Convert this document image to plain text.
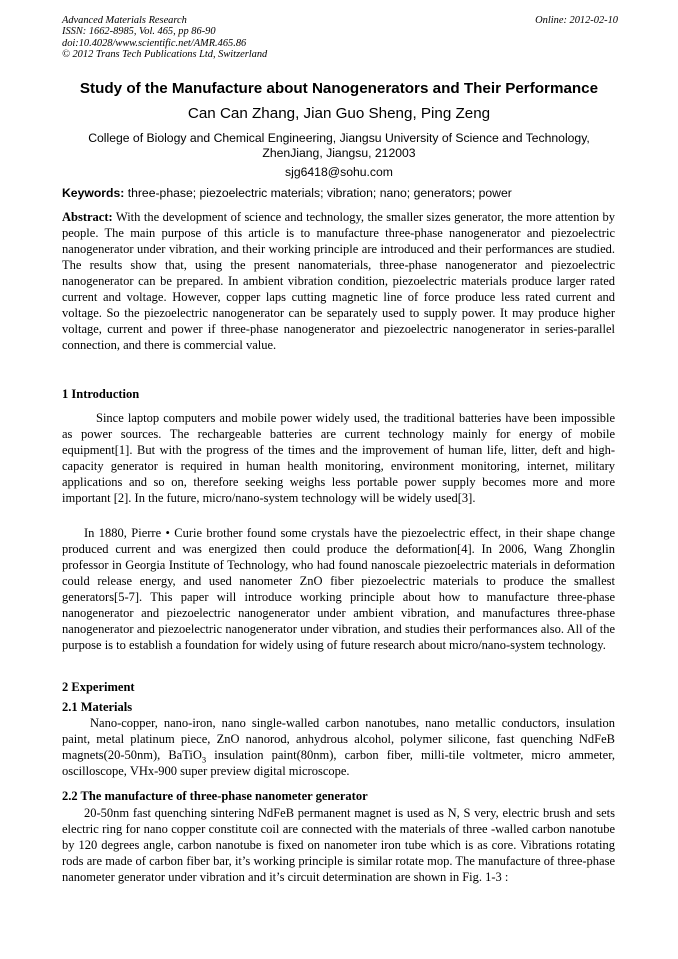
Advanced Materials Research
ISSN: 1662-8985, Vol. 465, pp 86-90
doi:10.4028/www.scientific.net/AMR.465.86
© 2012 Trans Tech Publications Ltd, Switzerland
Online: 2012-02-10
Study of the Manufacture about Nanogenerators and Their Performance
Can Can Zhang, Jian Guo Sheng, Ping Zeng
College of Biology and Chemical Engineering, Jiangsu University of Science and Technology,
ZhenJiang, Jiangsu, 212003
sjg6418@sohu.com
Keywords: three-phase; piezoelectric materials; vibration; nano; generators; power
Abstract: With the development of science and technology, the smaller sizes generator, the more attention by people. The main purpose of this article is to manufacture three-phase nanogenerator and piezoelectric nanogenerator under vibration, and their working principle are introduced and their performances are studied. The results show that, using the present nanomaterials, three-phase nanogenerator and piezoelectric nanogenerator can be prepared. In ambient vibration condition, piezoelectric materials produce larger rated current and voltage. However, copper laps cutting magnetic line of force produce less rated current and voltage. So the piezoelectric nanogenerator can be separately used to supply power. It may produce higher voltage, current and power if three-phase nanogenerator and piezoelectric nanogenerator in series-parallel connection, and there is commercial value.
1 Introduction
Since laptop computers and mobile power widely used, the traditional batteries have been impossible as power sources. The rechargeable batteries are current technology mainly for energy of mobile equipment[1]. But with the progress of the times and the improvement of human life, litter, deft and high-capacity generator is required in human health monitoring, environment monitoring, internet, military applications and so on, therefore seeking weighs less portable power supply becomes more and more important [2]. In the future, micro/nano-system technology will be widely used[3].
In 1880, Pierre • Curie brother found some crystals have the piezoelectric effect, in their shape change produced current and was energized then could produce the deformation[4]. In 2006, Wang Zhonglin professor in Georgia Institute of Technology, who had found nanoscale piezoelectric materials in deformation could release energy, and used nanometer ZnO fiber piezoelectric materials to produce the smallest generators[5-7]. This paper will introduce working principle about how to manufacture three-phase nanogenerator and piezoelectric nanogenerator under ambient vibration, and manufactures three-phase nanogenerator and piezoelectric nanogenerator under vibration, and studies their performances also. All of the purpose is to establish a foundation for widely using of future research about micro/nano-system technology.
2 Experiment
2.1 Materials
Nano-copper, nano-iron, nano single-walled carbon nanotubes, nano metallic conductors, insulation paint, metal platinum piece, ZnO nanorod, anhydrous alcohol, polymer silicone, fast quenching NdFeB magnets(20-50nm), BaTiO$_3$ insulation paint(80nm), carbon fiber, milli-tile voltmeter, micro ammeter, oscilloscope, VHx-900 super preview digital microscope.
2.2 The manufacture of three-phase nanometer generator
20-50nm fast quenching sintering NdFeB permanent magnet is used as N, S very, electric brush and sets electric ring for nano copper constitute coil are connected with the materials of three -walled carbon nanotube by 120 degrees angle, carbon nanotube is fixed on nanometer iron tube which is as core. Vibrations rotating rods are made of carbon fiber bar, it’s working principle is similar rotate mop. The manufacture of three-phase nanometer generator under vibration and it’s circuit determination are shown in Fig. 1-3 :
